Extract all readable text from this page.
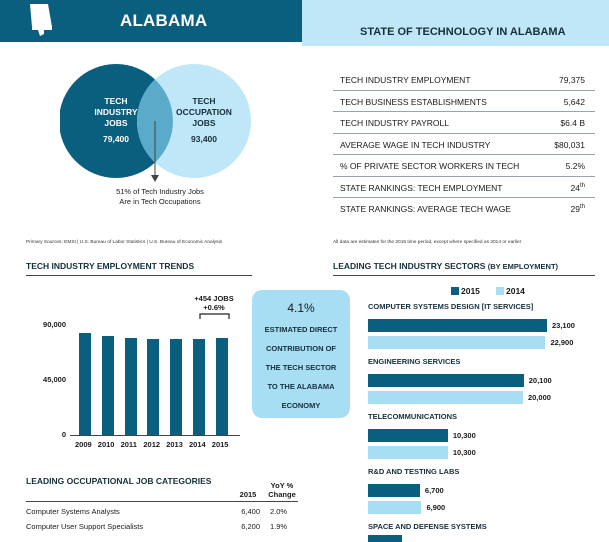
ALABAMA
STATE OF TECHNOLOGY IN ALABAMA
TECH
INDUSTRY
JOBS
79,400
TECH
OCCUPATION
JOBS
93,400
51% of Tech Industry Jobs
Are in Tech Occupations
TECH INDUSTRY EMPLOYMENT	79,375
TECH BUSINESS ESTABLISHMENTS	5,642
TECH INDUSTRY PAYROLL	$6.4 B
AVERAGE WAGE IN TECH INDUSTRY	$80,031
% OF PRIVATE SECTOR WORKERS IN TECH	5.2%
STATE RANKINGS: TECH EMPLOYMENT	24th
STATE RANKINGS: AVERAGE TECH WAGE	29th
Primary Sources: EMSI | U.S. Bureau of Labor Statistics | U.S. Bureau of Economic Analysis	All data are estimates for the 2015 time period, except where specified as 2014 or earlier
TECH INDUSTRY EMPLOYMENT TRENDS
+454 JOBS
+0.6%
2009 2010 2011 2012 2013 2014 2015
0
45,000
90,000
4.1%
ESTIMATED DIRECT
CONTRIBUTION OF
THE TECH SECTOR
TO THE ALABAMA
ECONOMY
LEADING TECH INDUSTRY SECTORS (BY EMPLOYMENT)
2015	2014
COMPUTER SYSTEMS DESIGN [IT SERVICES]
23,100
22,900
ENGINEERING SERVICES
20,100
20,000
TELECOMMUNICATIONS
10,300
10,300
R&D AND TESTING LABS
6,700
6,900
SPACE AND DEFENSE SYSTEMS
LEADING OCCUPATIONAL JOB CATEGORIES
2015
YoY %
Change
Computer Systems Analysts	6,400 2.0%
Computer User Support Specialists	6,200 1.9%
